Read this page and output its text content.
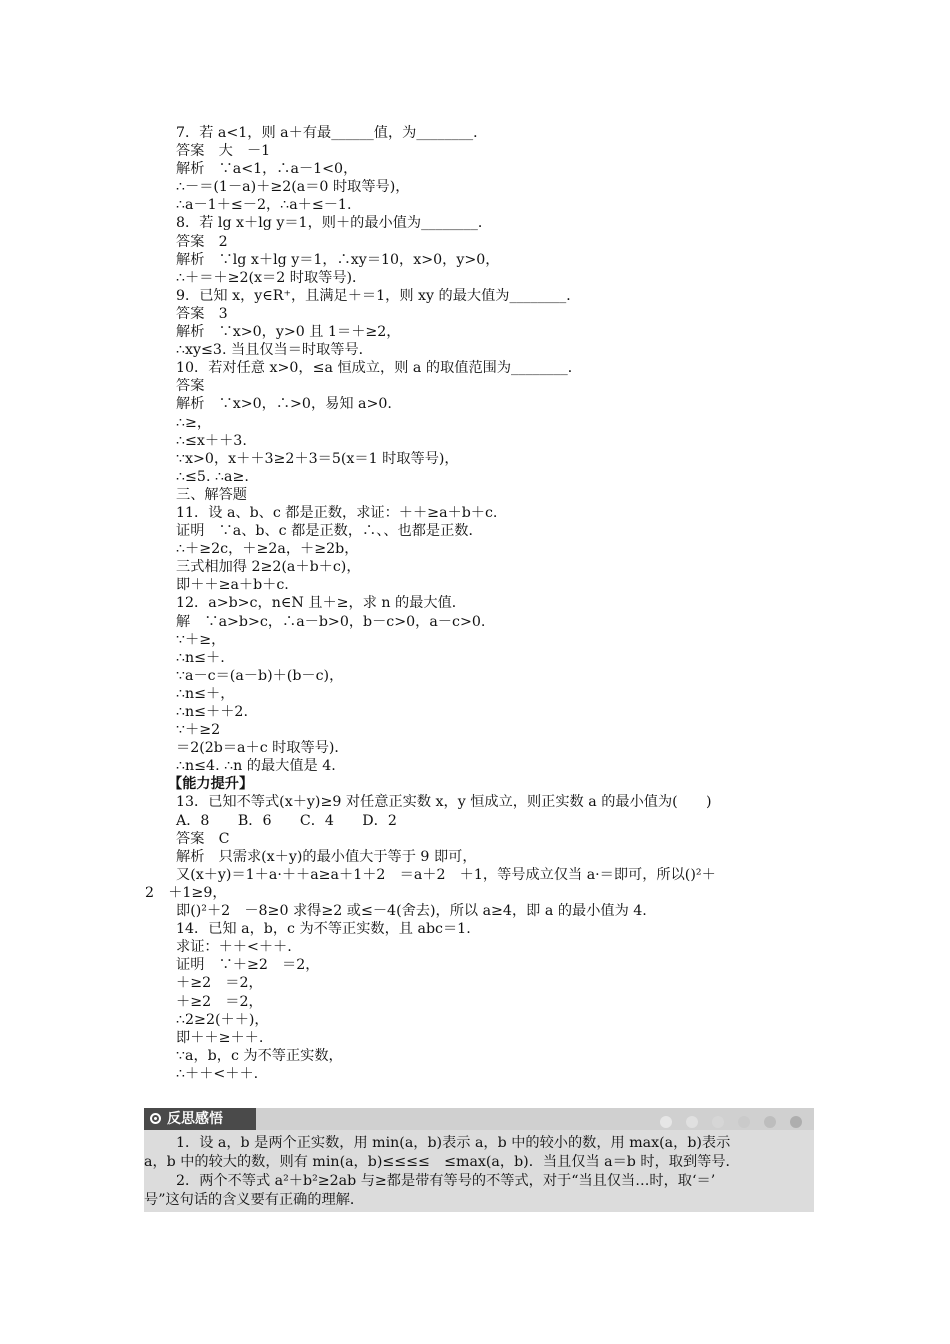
7．若 a<1，则 a＋有最______值，为________．
答案　大　－1
解析　∵a<1，∴a－1<0，
∴－＝(1－a)＋≥2(a＝0 时取等号)，
∴a－1＋≤－2，∴a＋≤－1.
8．若 lg x＋lg y＝1，则＋的最小值为________．
答案　2
解析　∵lg x＋lg y＝1，∴xy＝10，x>0，y>0，
∴＋＝＋≥2(x＝2 时取等号)．
9．已知 x，y∈R⁺，且满足＋＝1，则 xy 的最大值为________．
答案　3
解析　∵x>0，y>0 且 1＝＋≥2，
∴xy≤3. 当且仅当＝时取等号．
10．若对任意 x>0，≤a 恒成立，则 a 的取值范围为________．
答案
解析　∵x>0，∴>0，易知 a>0.
∴≥，
∴≤x＋＋3.
∵x>0，x＋＋3≥2＋3＝5(x＝1 时取等号)，
∴≤5. ∴a≥.
三、解答题
11．设 a、b、c 都是正数，求证：＋＋≥a＋b＋c.
证明　∵a、b、c 都是正数，∴、、也都是正数．
∴＋≥2c，＋≥2a，＋≥2b，
三式相加得 2≥2(a＋b＋c)，
即＋＋≥a＋b＋c.
12．a>b>c，n∈N 且＋≥，求 n 的最大值．
解　∵a>b>c，∴a－b>0，b－c>0，a－c>0.
∵＋≥，
∴n≤＋.
∵a－c＝(a－b)＋(b－c)，
∴n≤＋，
∴n≤＋＋2.
∵＋≥2
＝2(2b＝a＋c 时取等号)．
∴n≤4. ∴n 的最大值是 4.
【能力提升】
13．已知不等式(x＋y)≥9 对任意正实数 x，y 恒成立，则正实数 a 的最小值为(　　)
A．8　　B．6　　C．4　　D．2
答案　C
解析　只需求(x＋y)的最小值大于等于 9 即可，
又(x＋y)＝1＋a·＋＋a≥a＋1＋2　＝a＋2　＋1，等号成立仅当 a·＝即可，所以()²＋
2　＋1≥9，
即()²＋2　－8≥0 求得≥2 或≤－4(舍去)，所以 a≥4，即 a 的最小值为 4.
14．已知 a，b，c 为不等正实数，且 abc＝1.
求证：＋＋<＋＋.
证明　∵＋≥2　＝2，
＋≥2　＝2，
＋≥2　＝2，
∴2≥2(＋＋)，
即＋＋≥＋＋.
∵a，b，c 为不等正实数，
∴＋＋<＋＋.
反思感悟

1．设 a，b 是两个正实数，用 min(a，b)表示 a，b 中的较小的数，用 max(a，b)表示
a，b 中的较大的数，则有 min(a，b)≤≤≤≤　≤max(a，b)．当且仅当 a＝b 时，取到等号．
2．两个不等式 a²＋b²≥2ab 与≥都是带有等号的不等式，对于“当且仅当…时，取‘＝’
号”这句话的含义要有正确的理解．
